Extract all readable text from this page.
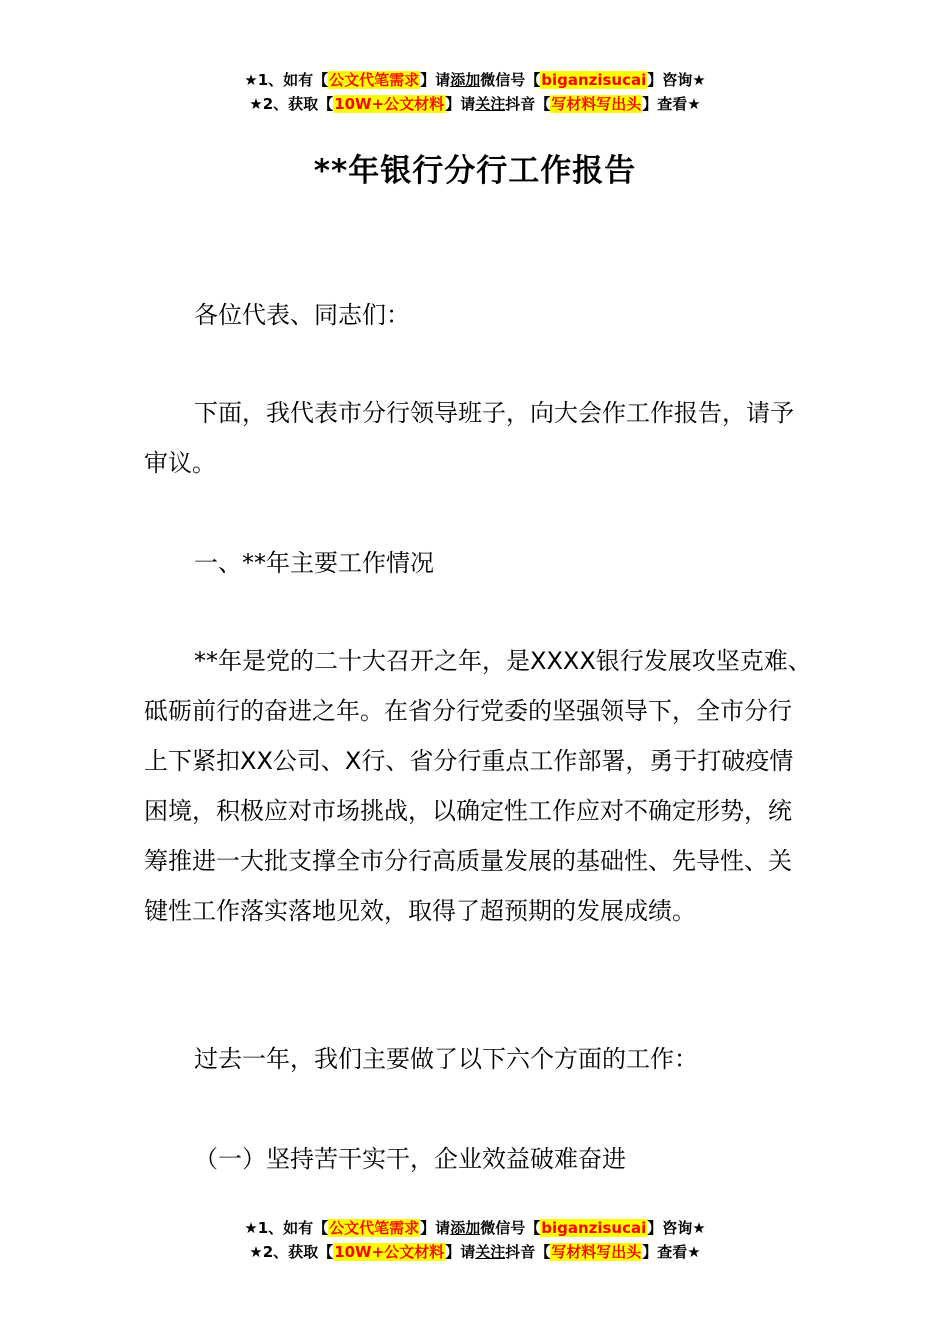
★1、如有【公文代笔需求】请添加微信号【biganzisucai】咨询★
★2、获取【10W+公文材料】请关注抖音【写材料写出头】查看★
**年银行分行工作报告

各位代表、同志们：

下面，我代表市分行领导班子，向大会作工作报告，请予审议。

一、**年主要工作情况

**年是党的二十大召开之年，是XXXX银行发展攻坚克难、砥砺前行的奋进之年。在省分行党委的坚强领导下，全市分行上下紧扣XX公司、X行、省分行重点工作部署，勇于打破疫情困境，积极应对市场挑战，以确定性工作应对不确定形势，统筹推进一大批支撑全市分行高质量发展的基础性、先导性、关键性工作落实落地见效，取得了超预期的发展成绩。

过去一年，我们主要做了以下六个方面的工作：

（一）坚持苦干实干，企业效益破难奋进

★1、如有【公文代笔需求】请添加微信号【biganzisucai】咨询★
★2、获取【10W+公文材料】请关注抖音【写材料写出头】查看★
